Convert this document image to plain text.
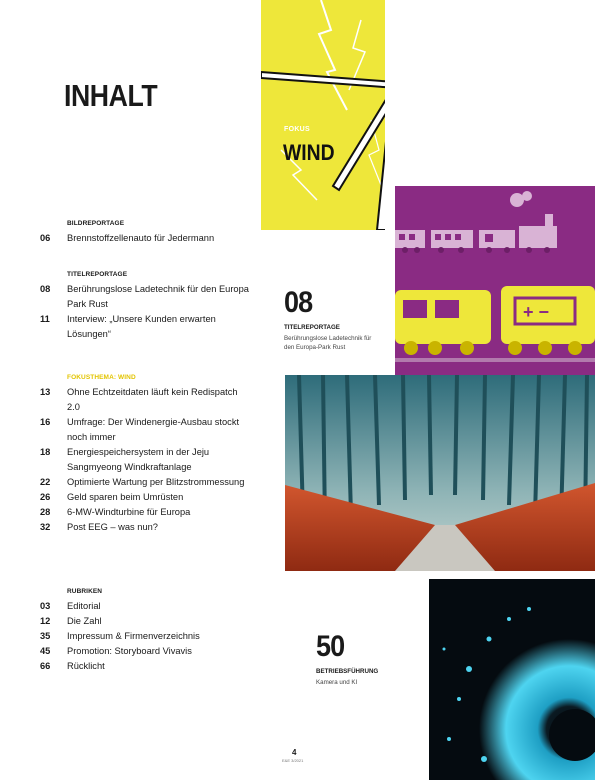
INHALT
BILDREPORTAGE
06	Brennstoffzellenauto für Jedermann
TITELREPORTAGE
08	Berührungslose Ladetechnik für den Europa Park Rust
11	Interview: „Unsere Kunden erwarten Lösungen“
FOKUSTHEMA: WIND
13	Ohne Echtzeitdaten läuft kein Redispatch 2.0
16	Umfrage: Der Windenergie-Ausbau stockt noch immer
18	Energiespeichersystem in der Jeju Sangmyeong Windkraftanlage
22	Optimierte Wartung per Blitzstrommessung
26	Geld sparen beim Umrüsten
28	6-MW-Windturbine für Europa
32	Post EEG – was nun?
RUBRIKEN
03	Editorial
12	Die Zahl
35	Impressum & Firmenverzeichnis
45	Promotion: Storyboard Vivavis
66	Rücklicht
FOKUS
WIND
+ −
08
TITELREPORTAGE
Berührungslose Ladetechnik für den Europa-Park Rust
50
BETRIEBSFÜHRUNG
Kamera und KI
4
E&E 3/2021
